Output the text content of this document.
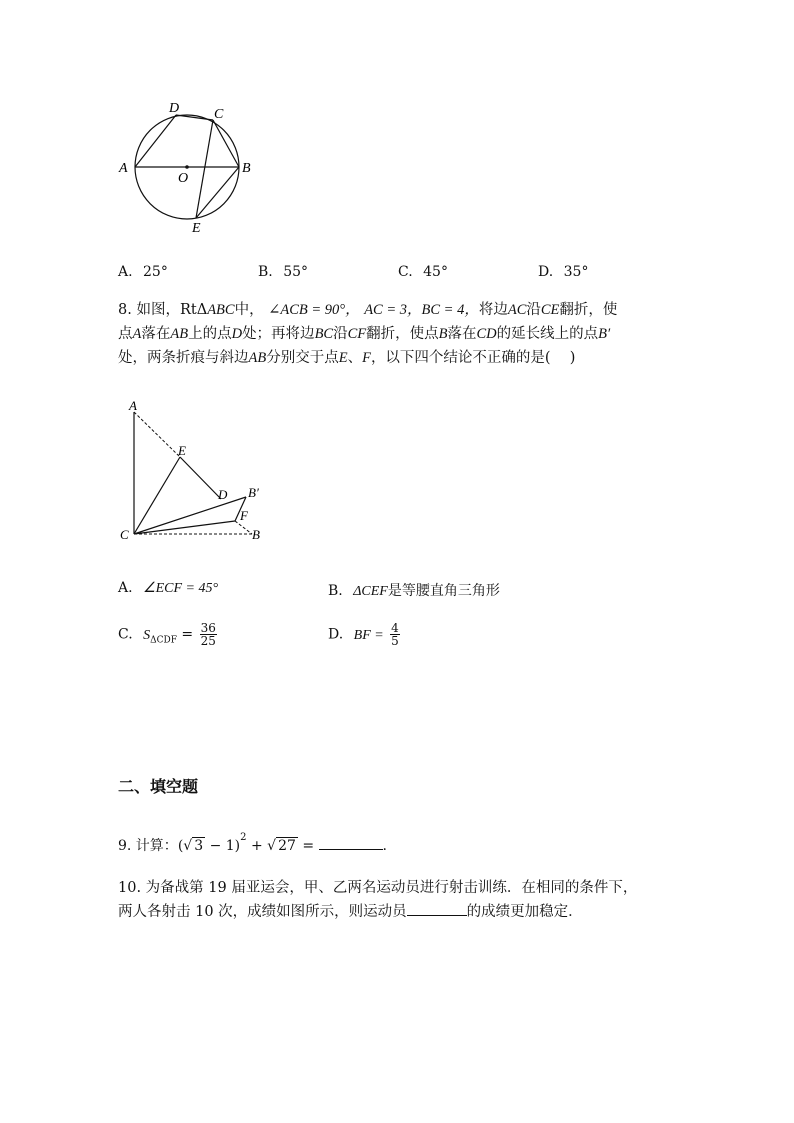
A	B
C
D
E
O
A. 25°	B. 55°	C. 45°	D. 35°
8. 如图，RtΔABC中， ∠ACB = 90°， AC = 3，BC = 4，将边AC沿CE翻折，使
点A落在AB上的点D处；再将边BC沿CF翻折，使点B落在CD的延长线上的点B′
处，两条折痕与斜边AB分别交于点E、F，以下四个结论不正确的是(　 )
A
E
D B′
F
C	B
A. ∠ECF = 45°	B. ΔCEF是等腰直角三角形
C. $S_{\Delta CDF} = \frac{36}{25}$	D. BF = $\frac{4}{5}$
二、填空题
9. 计算：(√ 3 − 1)$^2$ + √ 27 =	.
10. 为备战第 19 届亚运会，甲、乙两名运动员进行射击训练．在相同的条件下，
两人各射击 10 次，成绩如图所示，则运动员	的成绩更加稳定．
